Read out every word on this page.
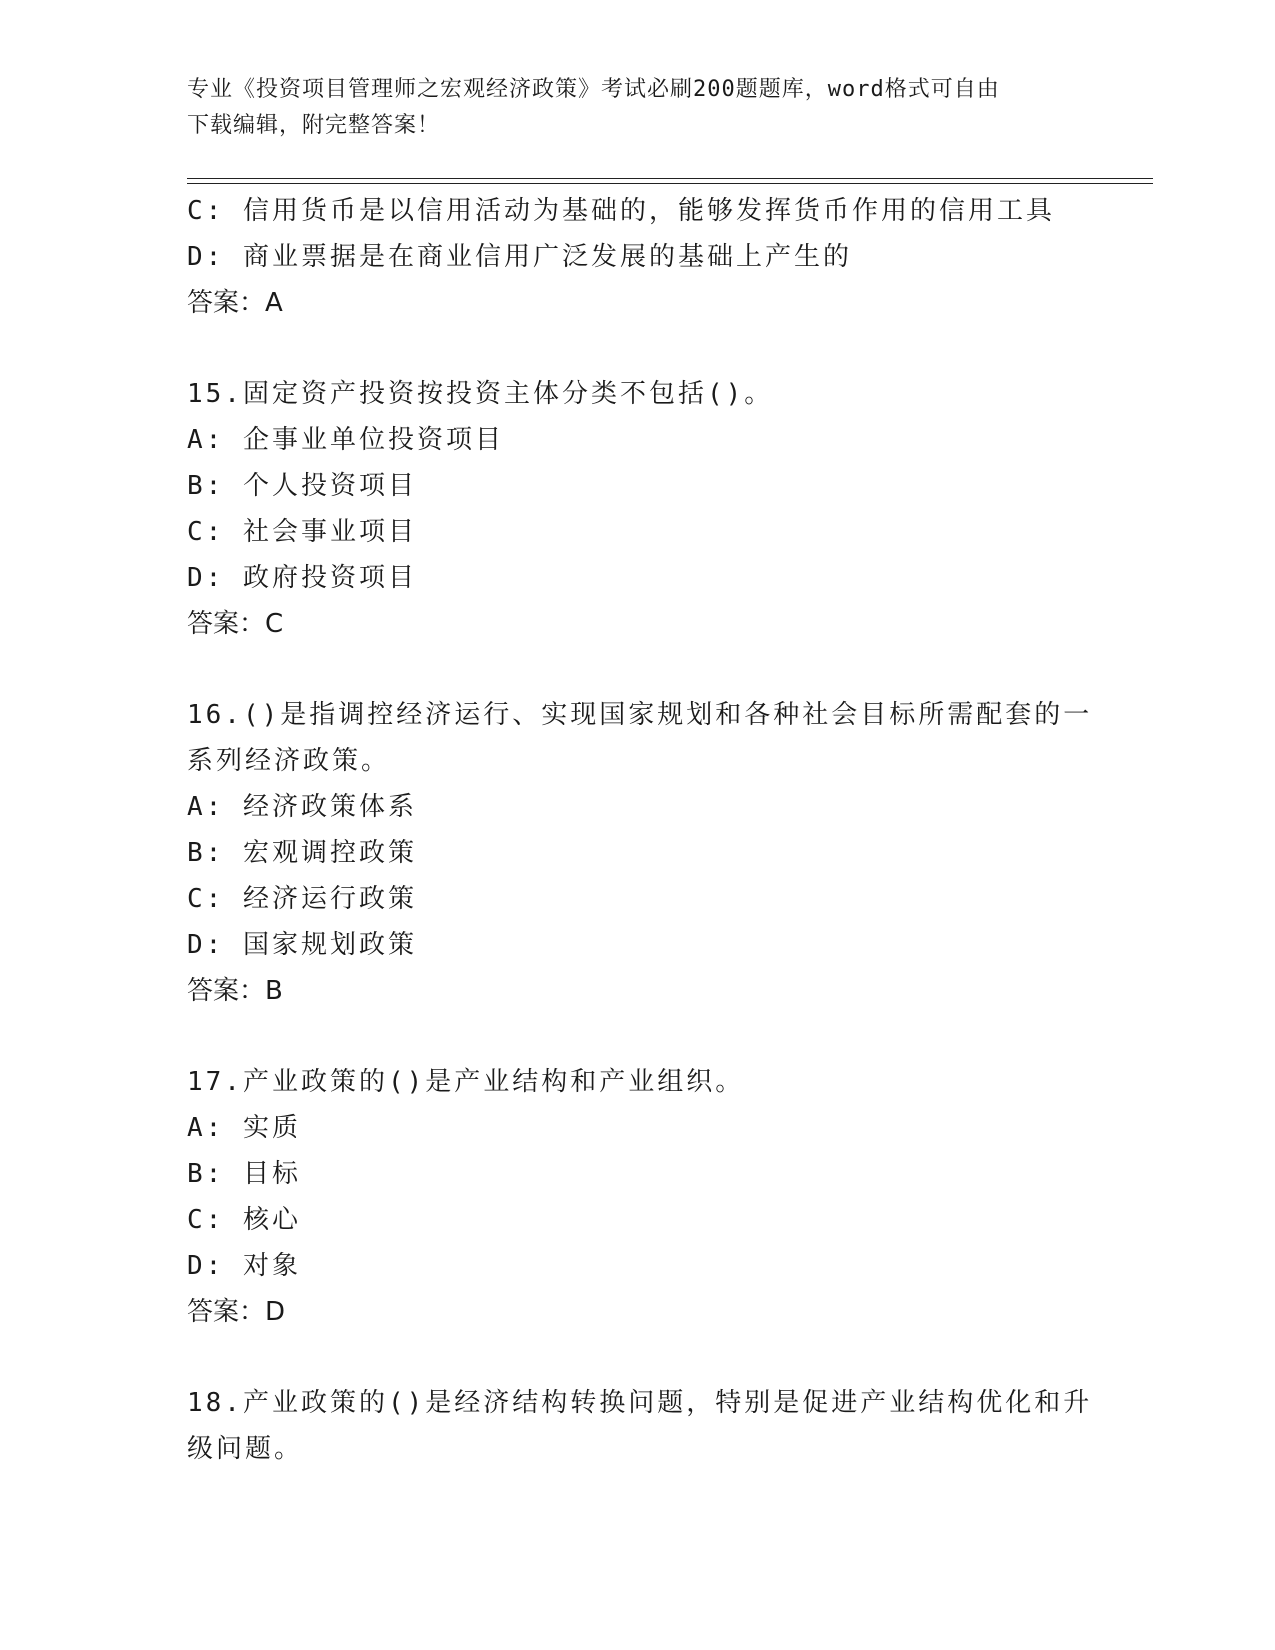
专业《投资项目管理师之宏观经济政策》考试必刷200题题库，word格式可自由
下载编辑，附完整答案！
C: 信用货币是以信用活动为基础的，能够发挥货币作用的信用工具
D: 商业票据是在商业信用广泛发展的基础上产生的
答案：A
15.固定资产投资按投资主体分类不包括()。
A: 企事业单位投资项目
B: 个人投资项目
C: 社会事业项目
D: 政府投资项目
答案：C
16.()是指调控经济运行、实现国家规划和各种社会目标所需配套的一
系列经济政策。
A: 经济政策体系
B: 宏观调控政策
C: 经济运行政策
D: 国家规划政策
答案：B
17.产业政策的()是产业结构和产业组织。
A: 实质
B: 目标
C: 核心
D: 对象
答案：D
18.产业政策的()是经济结构转换问题，特别是促进产业结构优化和升
级问题。
